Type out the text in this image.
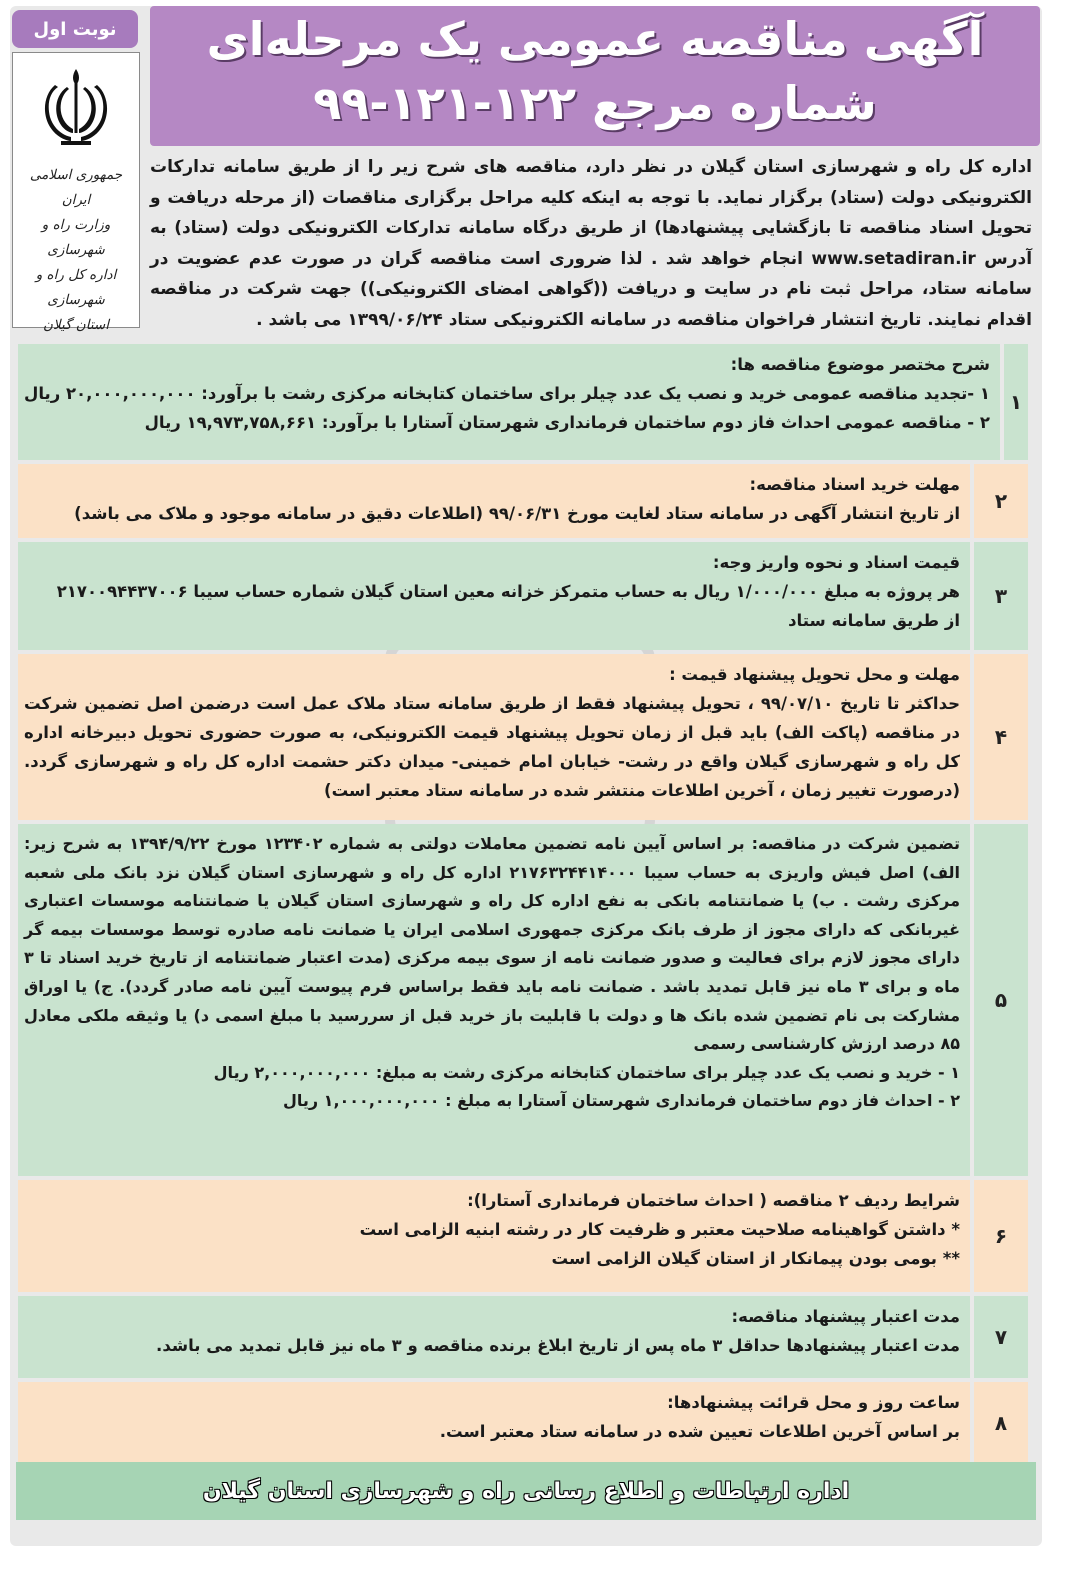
آگهی مناقصه عمومی یک مرحله‌ای
شماره مرجع ۱۲۲-۱۲۱-۹۹
نوبت اول
جمهوری اسلامی ایران
وزارت راه و شهرسازی
اداره کل راه و شهرسازی
استان گیلان
اداره کل راه و شهرسازی استان گیلان در نظر دارد، مناقصه های شرح زیر را از طریق سامانه تدارکات الکترونیکی دولت (ستاد) برگزار نماید. با توجه به اینکه کلیه مراحل برگزاری مناقصات (از مرحله دریافت و تحویل اسناد مناقصه تا بازگشایی پیشنهادها) از طریق درگاه سامانه تدارکات الکترونیکی دولت (ستاد) به آدرس www.setadiran.ir انجام خواهد شد . لذا ضروری است مناقصه گران در صورت عدم عضویت در سامانه ستاد، مراحل ثبت نام در سایت و دریافت ((گواهی امضای الکترونیکی)) جهت شرکت در مناقصه اقدام نمایند. تاریخ انتشار فراخوان مناقصه در سامانه الکترونیکی ستاد ۱۳۹۹/۰۶/۲۴ می باشد .
۱
شرح مختصر موضوع مناقصه ها:
۱ -تجدید مناقصه عمومی خرید و نصب یک عدد چیلر برای ساختمان کتابخانه مرکزی رشت با برآورد: ۲۰,۰۰۰,۰۰۰,۰۰۰ ریال
۲ - مناقصه عمومی احداث فاز دوم ساختمان فرمانداری شهرستان آستارا با برآورد: ۱۹,۹۷۳,۷۵۸,۶۶۱ ریال
۲
مهلت خرید اسناد مناقصه:
از تاریخ انتشار آگهی در سامانه ستاد لغایت مورخ ۹۹/۰۶/۳۱ (اطلاعات دقیق در سامانه موجود و ملاک می باشد)
۳
قیمت اسناد و نحوه واریز وجه:
هر پروژه به مبلغ ۱/۰۰۰/۰۰۰ ریال به حساب متمرکز خزانه معین استان گیلان شماره حساب سیبا ۲۱۷۰۰۹۴۴۳۷۰۰۶
از طریق سامانه ستاد
۴
مهلت و محل تحویل پیشنهاد قیمت :
حداکثر تا تاریخ ۹۹/۰۷/۱۰ ، تحویل پیشنهاد فقط از طریق سامانه ستاد ملاک عمل است درضمن اصل تضمین شرکت در مناقصه (پاکت الف) باید قبل از زمان تحویل پیشنهاد قیمت الکترونیکی، به صورت حضوری تحویل دبیرخانه اداره کل راه و شهرسازی گیلان واقع در رشت- خیابان امام خمینی- میدان دکتر حشمت اداره کل راه و شهرسازی گردد. (درصورت تغییر زمان ، آخرین اطلاعات منتشر شده در سامانه ستاد معتبر است)
۵
تضمین شرکت در مناقصه: بر اساس آیین نامه تضمین معاملات دولتی به شماره ۱۲۳۴۰۲ مورخ ۱۳۹۴/۹/۲۲ به شرح زیر: الف) اصل فیش واریزی به حساب سیبا ۲۱۷۶۳۲۴۴۱۴۰۰۰ اداره کل راه و شهرسازی استان گیلان نزد بانک ملی شعبه مرکزی رشت . ب) یا ضمانتنامه بانکی به نفع اداره کل راه و شهرسازی استان گیلان یا ضمانتنامه موسسات اعتباری غیربانکی که دارای مجوز از طرف بانک مرکزی جمهوری اسلامی ایران یا ضمانت نامه صادره توسط موسسات بیمه گر دارای مجوز لازم برای فعالیت و صدور ضمانت نامه از سوی بیمه مرکزی (مدت اعتبار ضمانتنامه از تاریخ خرید اسناد تا ۳ ماه و برای ۳ ماه نیز قابل تمدید باشد . ضمانت نامه باید فقط براساس فرم پیوست آیین نامه صادر گردد). ج) یا اوراق مشارکت بی نام تضمین شده بانک ها و دولت با قابلیت باز خرید قبل از سررسید با مبلغ اسمی د) یا وثیقه ملکی معادل ۸۵ درصد ارزش کارشناسی رسمی
۱ - خرید و نصب یک عدد چیلر برای ساختمان کتابخانه مرکزی رشت به مبلغ: ۲,۰۰۰,۰۰۰,۰۰۰ ریال
۲ - احداث فاز دوم ساختمان فرمانداری شهرستان آستارا به مبلغ : ۱,۰۰۰,۰۰۰,۰۰۰ ریال
۶
شرایط ردیف ۲ مناقصه ( احداث ساختمان فرمانداری آستارا):
* داشتن گواهینامه صلاحیت معتبر و ظرفیت کار در رشته ابنیه الزامی است
** بومی بودن پیمانکار از استان گیلان الزامی است
۷
مدت اعتبار پیشنهاد مناقصه:
مدت اعتبار پیشنهادها حداقل ۳ ماه پس از تاریخ ابلاغ برنده مناقصه و ۳ ماه نیز قابل تمدید می باشد.
۸
ساعت روز و محل قرائت پیشنهادها:
بر اساس آخرین اطلاعات تعیین شده در سامانه ستاد معتبر است.
اداره ارتباطات و اطلاع رسانی راه و شهرسازی استان گیلان
